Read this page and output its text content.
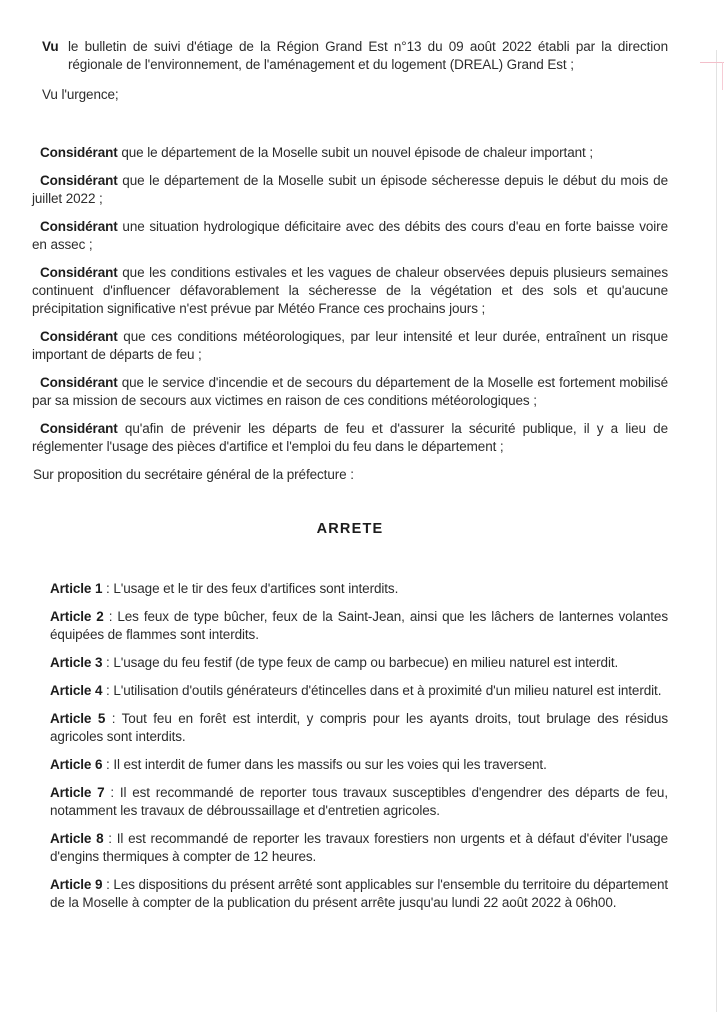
Vu le bulletin de suivi d'étiage de la Région Grand Est n°13 du 09 août 2022 établi par la direction régionale de l'environnement, de l'aménagement et du logement (DREAL) Grand Est ;

Vu l'urgence;

Considérant que le département de la Moselle subit un nouvel épisode de chaleur important ;

Considérant que le département de la Moselle subit un épisode sécheresse depuis le début du mois de juillet 2022 ;

Considérant une situation hydrologique déficitaire avec des débits des cours d'eau en forte baisse voire en assec ;

Considérant que les conditions estivales et les vagues de chaleur observées depuis plusieurs semaines continuent d'influencer défavorablement la sécheresse de la végétation et des sols et qu'aucune précipitation significative n'est prévue par Météo France ces prochains jours ;

Considérant que ces conditions météorologiques, par leur intensité et leur durée, entraînent un risque important de départs de feu ;

Considérant que le service d'incendie et de secours du département de la Moselle est fortement mobilisé par sa mission de secours aux victimes en raison de ces conditions météorologiques ;

Considérant qu'afin de prévenir les départs de feu et d'assurer la sécurité publique, il y a lieu de réglementer l'usage des pièces d'artifice et l'emploi du feu dans le département ;

Sur proposition du secrétaire général de la préfecture :

ARRETE

Article 1 : L'usage et le tir des feux d'artifices sont interdits.

Article 2 : Les feux de type bûcher, feux de la Saint-Jean, ainsi que les lâchers de lanternes volantes équipées de flammes sont interdits.

Article 3 : L'usage du feu festif (de type feux de camp ou barbecue) en milieu naturel est interdit.

Article 4 : L'utilisation d'outils générateurs d'étincelles dans et à proximité d'un milieu naturel est interdit.

Article 5 : Tout feu en forêt est interdit, y compris pour les ayants droits, tout brulage des résidus agricoles sont interdits.

Article 6 : Il est interdit de fumer dans les massifs ou sur les voies qui les traversent.

Article 7 : Il est recommandé de reporter tous travaux susceptibles d'engendrer des départs de feu, notamment les travaux de débroussaillage et d'entretien agricoles.

Article 8 : Il est recommandé de reporter les travaux forestiers non urgents et à défaut d'éviter l'usage d'engins thermiques à compter de 12 heures.

Article 9 : Les dispositions du présent arrêté sont applicables sur l'ensemble du territoire du département de la Moselle à compter de la publication du présent arrête jusqu'au lundi 22 août 2022 à 06h00.
